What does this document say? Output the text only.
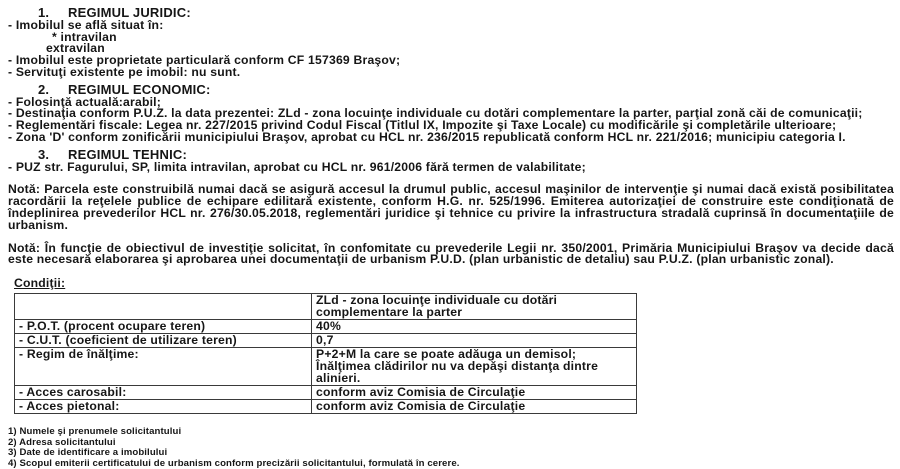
1. REGIMUL JURIDIC:
- Imobilul se află situat în:
* intravilan
extravilan
- Imobilul este proprietate particulară conform CF 157369 Braşov;
- Servituţi existente pe imobil: nu sunt.
2. REGIMUL ECONOMIC:
- Folosinţă actuală:arabil;
- Destinaţia conform P.U.Z. la data prezentei: ZLd - zona locuinţe individuale cu dotări complementare la parter, parţial zonă căi de comunicaţii;
- Reglementări fiscale: Legea nr. 227/2015 privind Codul Fiscal (Titlul IX, Impozite şi Taxe Locale) cu modificările şi completările ulterioare;
- Zona 'D' conform zonificării municipiului Braşov, aprobat cu HCL nr. 236/2015 republicată conform HCL nr. 221/2016; municipiu categoria I.
3. REGIMUL TEHNIC:
- PUZ str. Fagurului, SP, limita intravilan, aprobat cu HCL nr. 961/2006 fără termen de valabilitate;
Notă: Parcela este construibilă numai dacă se asigură accesul la drumul public, accesul maşinilor de intervenţie şi numai dacă există posibilitatea racordării la reţelele publice de echipare edilitară existente, conform H.G. nr. 525/1996. Emiterea autorizaţiei de construire este condiţionată de îndeplinirea prevederilor HCL nr. 276/30.05.2018, reglementări juridice şi tehnice cu privire la infrastructura stradală cuprinsă în documentaţiile de urbanism.
Notă: În funcţie de obiectivul de investiţie solicitat, în confomitate cu prevederile Legii nr. 350/2001, Primăria Municipiului Braşov va decide dacă este necesară elaborarea şi aprobarea unei documentaţii de urbanism P.U.D. (plan urbanistic de detaliu) sau P.U.Z. (plan urbanistic zonal).
Condiţii:
	ZLd - zona locuinţe individuale cu dotări complementare la parter
- P.O.T. (procent ocupare teren)	40%
- C.U.T. (coeficient de utilizare teren)	0,7
- Regim de înălţime:	P+2+M la care se poate adăuga un demisol; Înălţimea clădirilor nu va depăşi distanţa dintre alinieri.
- Acces carosabil:	conform aviz Comisia de Circulaţie
- Acces pietonal:	conform aviz Comisia de Circulaţie
1) Numele şi prenumele solicitantului
2) Adresa solicitantului
3) Date de identificare a imobilului
4) Scopul emiterii certificatului de urbanism conform precizării solicitantului, formulată în cerere.
